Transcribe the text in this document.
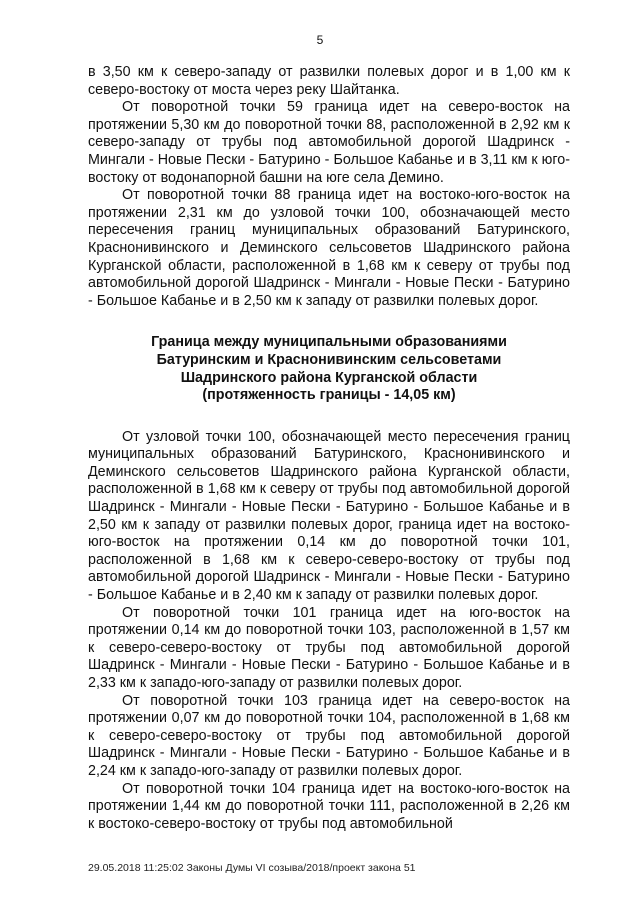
5

в 3,50 км к северо-западу от развилки полевых дорог и в 1,00 км к северо-востоку от моста через реку Шайтанка.

От поворотной точки 59 граница идет на северо-восток на протяжении 5,30 км до поворотной точки 88, расположенной в 2,92 км к северо-западу от трубы под автомобильной дорогой Шадринск - Мингали - Новые Пески - Батурино - Большое Кабанье и в 3,11 км к юго-востоку от водонапорной башни на юге села Демино.

От поворотной точки 88 граница идет на востоко-юго-восток на протяжении 2,31 км до узловой точки 100, обозначающей место пересечения границ муниципальных образований Батуринского, Краснонивинского и Деминского сельсоветов Шадринского района Курганской области, расположенной в 1,68 км к северу от трубы под автомобильной дорогой Шадринск - Мингали - Новые Пески - Батурино - Большое Кабанье и в 2,50 км к западу от развилки полевых дорог.

Граница между муниципальными образованиями
Батуринским и Краснонивинским сельсоветами
Шадринского района Курганской области
(протяженность границы - 14,05 км)

От узловой точки 100, обозначающей место пересечения границ муниципальных образований Батуринского, Краснонивинского и Деминского сельсоветов Шадринского района Курганской области, расположенной в 1,68 км к северу от трубы под автомобильной дорогой Шадринск - Мингали - Новые Пески - Батурино - Большое Кабанье и в 2,50 км к западу от развилки полевых дорог, граница идет на востоко-юго-восток на протяжении 0,14 км до поворотной точки 101, расположенной в 1,68 км к северо-северо-востоку от трубы под автомобильной дорогой Шадринск - Мингали - Новые Пески - Батурино - Большое Кабанье и в 2,40 км к западу от развилки полевых дорог.

От поворотной точки 101 граница идет на юго-восток на протяжении 0,14 км до поворотной точки 103, расположенной в 1,57 км к северо-северо-востоку от трубы под автомобильной дорогой Шадринск - Мингали - Новые Пески - Батурино - Большое Кабанье и в 2,33 км к западо-юго-западу от развилки полевых дорог.

От поворотной точки 103 граница идет на северо-восток на протяжении 0,07 км до поворотной точки 104, расположенной в 1,68 км к северо-северо-востоку от трубы под автомобильной дорогой Шадринск - Мингали - Новые Пески - Батурино - Большое Кабанье и в 2,24 км к западо-юго-западу от развилки полевых дорог.

От поворотной точки 104 граница идет на востоко-юго-восток на протяжении 1,44 км до поворотной точки 111, расположенной в 2,26 км к востоко-северо-востоку от трубы под автомобильной

29.05.2018 11:25:02 Законы Думы VI созыва/2018/проект закона 51
